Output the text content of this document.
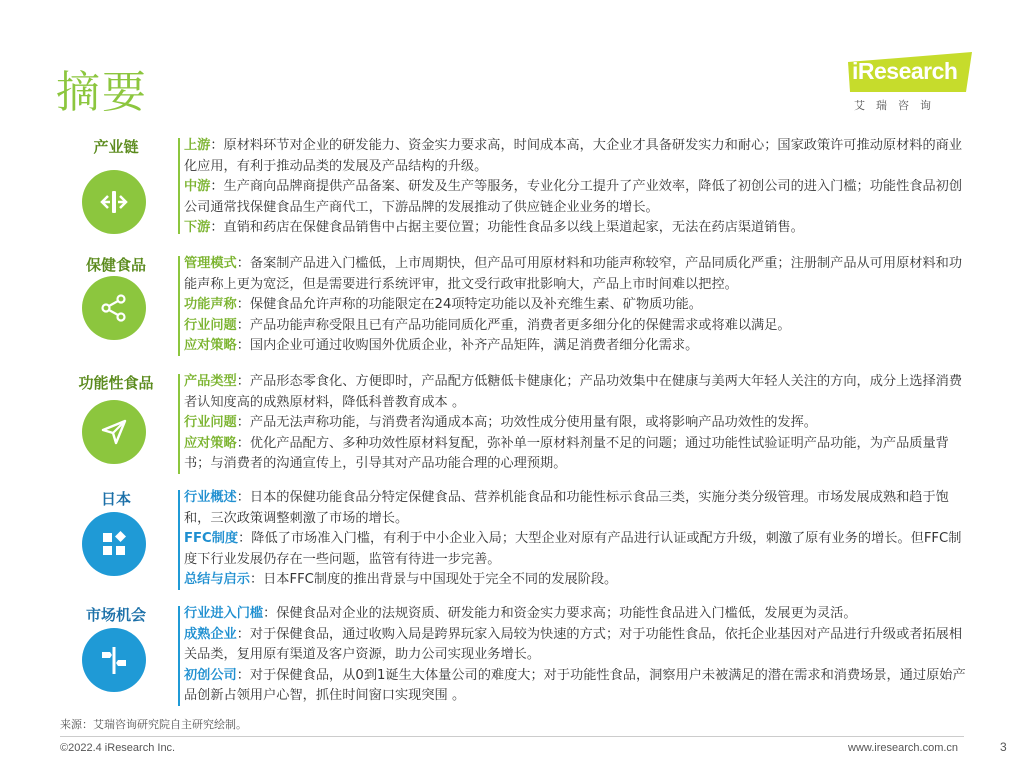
摘要	iResearch
艾瑞咨询
产业链	上游：原材料环节对企业的研发能力、资金实力要求高，时间成本高，大企业才具备研发实力和耐心；国家政策许可推动原材料的商业化应用，有利于推动品类的发展及产品结构的升级。

中游：生产商向品牌商提供产品备案、研发及生产等服务，专业化分工提升了产业效率，降低了初创公司的进入门槛；功能性食品初创公司通常找保健食品生产商代工，下游品牌的发展推动了供应链企业业务的增长。

下游：直销和药店在保健食品销售中占据主要位置；功能性食品多以线上渠道起家，无法在药店渠道销售。

保健食品	管理模式：备案制产品进入门槛低，上市周期快，但产品可用原材料和功能声称较窄，产品同质化严重；注册制产品从可用原材料和功能声称上更为宽泛，但是需要进行系统评审，批文受行政审批影响大，产品上市时间难以把控。

功能声称：保健食品允许声称的功能限定在24项特定功能以及补充维生素、矿物质功能。

行业问题：产品功能声称受限且已有产品功能同质化严重，消费者更多细分化的保健需求或将难以满足。

应对策略：国内企业可通过收购国外优质企业，补齐产品矩阵，满足消费者细分化需求。

功能性食品	产品类型：产品形态零食化、方便即时，产品配方低糖低卡健康化；产品功效集中在健康与美两大年轻人关注的方向，成分上选择消费者认知度高的成熟原材料，降低科普教育成本 。

行业问题：产品无法声称功能，与消费者沟通成本高；功效性成分使用量有限，或将影响产品功效性的发挥。

应对策略：优化产品配方、多种功效性原材料复配，弥补单一原材料剂量不足的问题；通过功能性试验证明产品功能，为产品质量背书；与消费者的沟通宣传上，引导其对产品功能合理的心理预期。

日本	行业概述：日本的保健功能食品分特定保健食品、营养机能食品和功能性标示食品三类，实施分类分级管理。市场发展成熟和趋于饱和，三次政策调整刺激了市场的增长。

FFC制度：降低了市场准入门槛，有利于中小企业入局；大型企业对原有产品进行认证或配方升级，刺激了原有业务的增长。但FFC制度下行业发展仍存在一些问题，监管有待进一步完善。

总结与启示：日本FFC制度的推出背景与中国现处于完全不同的发展阶段。

市场机会	行业进入门槛：保健食品对企业的法规资质、研发能力和资金实力要求高；功能性食品进入门槛低，发展更为灵活。

成熟企业：对于保健食品，通过收购入局是跨界玩家入局较为快速的方式；对于功能性食品，依托企业基因对产品进行升级或者拓展相关品类，复用原有渠道及客户资源，助力公司实现业务增长。

初创公司：对于保健食品，从0到1诞生大体量公司的难度大；对于功能性食品，洞察用户未被满足的潜在需求和消费场景，通过原始产品创新占领用户心智，抓住时间窗口实现突围 。

来源：艾瑞咨询研究院自主研究绘制。
©2022.4 iResearch Inc.	www.iresearch.com.cn	3
